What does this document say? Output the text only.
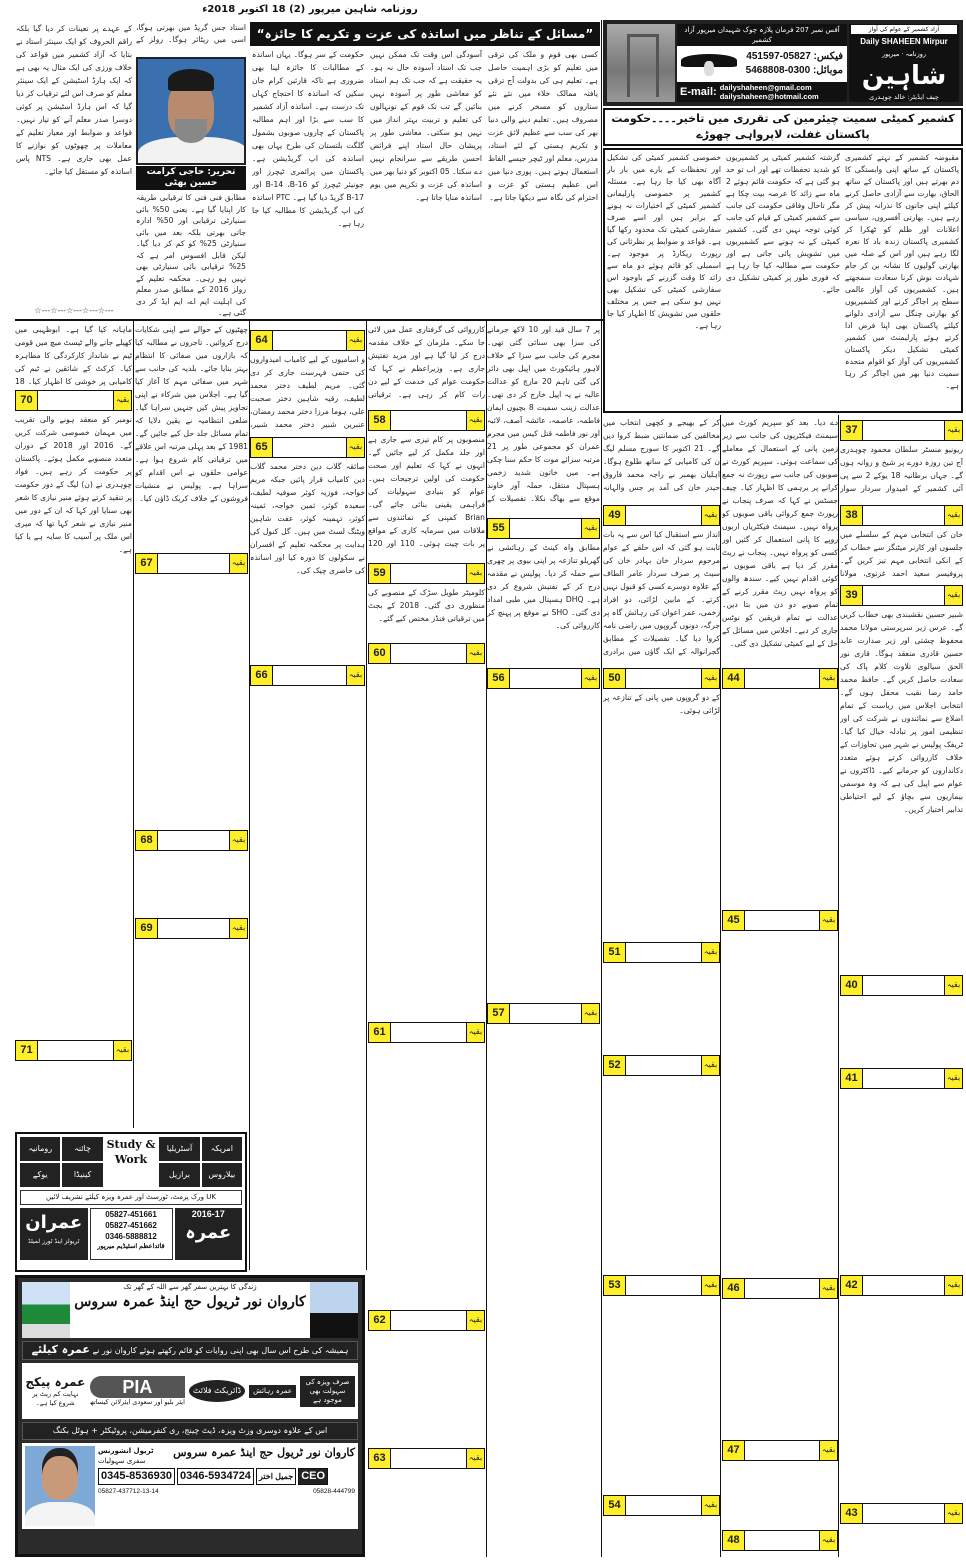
روزنامہ شاہین میرپور (2) 18 اکتوبر 2018ء
آفس نمبر 207 فرمان پلازہ چوک شہیداں میرپور آزاد کشمیر
فیکس: 05827-451597
موبائل: 0300-5468808
E-mail: dailyshaheen@gmail.com
dailyshaheen@hotmail.com
آزاد کشمیر کے عوام کی آواز
Daily SHAHEEN Mirpur
روزنامہ · میرپور
شاہین
چیف ایڈیٹر: خالد چوہدری
کشمیر کمیٹی سمیت چیئرمین کی تقرری میں تاخیر۔۔۔۔حکومت پاکستان غفلت، لاپرواہی چھوڑے
مقبوضہ کشمیر کے نہتے کشمیری پاکستان کے ساتھ اپنی وابستگی کا دم بھرتے ہیں اور پاکستان کے ساتھ الحاق، بھارت سے آزادی حاصل کرنے کیلئے اپنی جانوں کا نذرانہ پیش کر رہے ہیں۔ بھارتی آفسروں، سیاسی اعلانات اور ظلم کو ٹھکرا کر کشمیری پاکستان زندہ باد کا نعرہ لگا رہے ہیں اور اس کے صلہ میں بھارتی گولیوں کا نشانہ بن کر جام شہادت نوش کرنا سعادت سمجھتے ہیں۔ کشمیریوں کی آواز عالمی سطح پر اجاگر کرنے اور کشمیریوں کو بھارتی چنگل سے آزادی دلوانے کیلئے پاکستان بھی اپنا فرض ادا کرتے ہوئے پارلیمنٹ میں کشمیر کمیٹی تشکیل دیکر پاکستان کشمیریوں کی آواز کو اقوام متحدہ سمیت دنیا بھر میں اجاگر کر رہا ہے۔
گزشتہ کشمیر کمیٹی پر کشمیریوں کو شدید تحفظات تھے اور اب تو حد ہو گئی ہے کہ حکومت قائم ہوئے 2 ماہ سے زائد کا عرصہ بیت چکا ہے مگر تاحال وفاقی حکومت کی جانب سے کشمیر کمیٹی کے قیام کی جانب کوئی توجہ نہیں دی گئی۔ کشمیر کمیٹی کے نہ ہونے سے کشمیریوں میں تشویش پائی جاتی ہے اور حکومت سے مطالبہ کیا جا رہا ہے کہ فوری طور پر کمیٹی تشکیل دی جائے۔
خصوصی کشمیر کمیٹی کی تشکیل اور تحفظات کے بارے میں بار بار آگاہ بھی کیا جا رہا ہے۔ مسئلہ کشمیر پر خصوصی پارلیمانی کشمیر کمیٹی کے اختیارات نہ ہونے کے برابر ہیں اور اسے صرف سفارشی کمیٹی تک محدود رکھا گیا ہے۔ قواعد و ضوابط پر نظرثانی کی رپورٹ ریکارڈ پر موجود ہے۔ اسمبلی کو قائم ہوئے دو ماہ سے زائد کا وقت گزرنے کے باوجود اس سفارشی کمیٹی کی تشکیل بھی نہیں ہو سکی ہے جس پر مختلف حلقوں میں تشویش کا اظہار کیا جا رہا ہے۔
”مسائل کے تناظر میں اساتذہ کی عزت و تکریم کا جائزہ“
کسی بھی قوم و ملک کی ترقی میں تعلیم کو بڑی اہمیت حاصل ہے۔ تعلیم ہی کی بدولت آج ترقی یافتہ ممالک خلاء میں نئے نئے ستاروں کو مسخر کرنے میں مصروف ہیں۔ تعلیم دینے والی دنیا بھر کی سب سے عظیم لائق عزت و تکریم ہستی کے لئے استاد، مدرس، معلم اور ٹیچر جیسے الفاظ استعمال ہوتے ہیں۔ پوری دنیا میں اس عظیم ہستی کو عزت و احترام کی نگاہ سے دیکھا جاتا ہے۔
آسودگی اس وقت تک ممکن نہیں جب تک استاد آسودہ حال نہ ہو۔ یہ حقیقت ہے کہ جب تک ہم استاد کو معاشی طور پر آسودہ نہیں بنائیں گے تب تک قوم کے نونہالوں کی تعلیم و تربیت بہتر انداز میں نہیں ہو سکتی۔ معاشی طور پر پریشان حال استاد اپنے فرائض احسن طریقے سے سرانجام نہیں دے سکتا۔ 05 اکتوبر کو دنیا بھر میں اساتذہ کی عزت و تکریم میں یوم اساتذہ منایا جاتا ہے۔
حکومت کے سر ہوگا۔ یہاں اساتذہ کے مطالبات کا جائزہ لینا بھی ضروری ہے تاکہ قارئین کرام جان سکیں کہ اساتذہ کا احتجاج کہاں تک درست ہے۔ اساتذہ آزاد کشمیر کا سب سے بڑا اور اہم مطالبہ پاکستان کے چاروں صوبوں بشمول گلگت بلتستان کی طرح یہاں بھی اساتذہ کی اپ گریڈیشن ہے۔ پاکستان میں پرائمری ٹیچرز اور جونیئر ٹیچرز کو B-14 ،B-16 اور B-17 گریڈ دیا گیا ہے۔ PTC اساتذہ کی اپ گریڈیشن کا مطالبہ کیا جا رہا ہے۔
تحریر: حاجی کرامت حسین بھٹی
استاد جس گریڈ میں بھرتی ہوگا، اسی میں ریٹائر ہوگا۔ رولز کے مطابق فنی فنی کا ترقیابی طریقہ کار اپنایا گیا ہے۔ یعنی 50% بائی سنیارٹی ترقیابی اور 50% ادارہ جاتی بھرتی بلکہ بعد میں بائی سنیارٹی 25% کو کم کر دیا گیا۔ لیکن قابل افسوس امر ہے کہ 25% ترقیابی بائی سنیارٹی بھی نہیں ہو رہی۔ محکمہ تعلیم کے رولز 2016 کے مطابق صدر معلم کی اہلیت ایم اے، ایم ایڈ کر دی گئی ہے۔
کے عہدے پر تعینات کر دیا گیا بلکہ راقم الحروف کو ایک سینئر استاد نے بتایا کہ آزاد کشمیر میں قواعد کی خلاف ورزی کی ایک مثال یہ بھی ہے کہ ایک ہارڈ اسٹیشن کے ایک سینئر معلم کو صرف اس لئے ترقیاب کر دیا گیا کہ اس ہارڈ اسٹیشن پر کوئی دوسرا صدر معلم آنے کو تیار نہیں۔ قواعد و ضوابط اور معیار تعلیم کے معاملات پر چھوٹوں کو نوازنے کا عمل بھی جاری ہے۔ NTS پاس اساتذہ کو مستقل کیا جائے۔
☆---☆---☆---☆---☆---
37	بقیہ
38	بقیہ
39	بقیہ
40	بقیہ
41	بقیہ
42	بقیہ
43	بقیہ
ریونیو منسٹر سلطان محمود چوہدری آج تین روزہ دورے پر شیخ و روانہ ہوں گے۔ جہاں برطانیہ 18 یوکے 2 سے پی آئی کشمیر کے امیدوار سردار سوار خان کی انتخابی مہم کے سلسلے میں جلسوں اور کارنر میٹنگز سے خطاب کر کے انکی انتخابی مہم تیز کریں گے۔ پروفیسر سعید احمد غزنوی، مولانا شبیر حسین نقشبندی بھی خطاب کریں گے۔ عرس زیر سرپرستی مولانا محمد محفوظ چشتی اور زیر صدارت عابد حسین قادری منعقد ہوگا۔ قاری نور الحق سیالوی تلاوت کلام پاک کی سعادت حاصل کریں گے۔ حافظ محمد حامد رضا نقیب محفل ہوں گے۔ انتخابی اجلاس میں ریاست کے تمام اضلاع سے نمائندوں نے شرکت کی اور تنظیمی امور پر تبادلہ خیال کیا گیا۔ ٹریفک پولیس نے شہر میں تجاوزات کے خلاف کارروائی کرتے ہوئے متعدد دکانداروں کو جرمانے کیے۔ ڈاکٹروں نے عوام سے اپیل کی ہے کہ وہ موسمی بیماریوں سے بچاؤ کے لیے احتیاطی تدابیر اختیار کریں۔
44	بقیہ
45	بقیہ
46	بقیہ
47	بقیہ
48	بقیہ
دے دیا۔ بعد کو سپریم کورٹ میں سیمنٹ فیکٹریوں کی جانب سے زیر زمین پانی کے استعمال کے معاملے کی سماعت ہوئی۔ سپریم کورٹ نے صوبوں کی جانب سے رپورٹ نہ جمع کرانے پر برہمی کا اظہار کیا۔ چیف جسٹس نے کہا کہ صرف پنجاب نے رپورٹ جمع کروائی باقی صوبوں کو پرواہ نہیں۔ سیمنٹ فیکٹریاں اربوں روپے کا پانی استعمال کر گئیں اور کسی کو پرواہ نہیں۔ پنجاب نے ریٹ مقرر کر دیا ہے باقی صوبوں نے کوئی اقدام نہیں کیے۔ سندھ والوں کو پرواہ نہیں ریٹ مقرر کرنے کے تمام صوبے دو دن میں بتا دیں۔ عدالت نے تمام فریقین کو نوٹس جاری کر دیے۔ اجلاس میں مسائل کے حل کے لیے کمیٹی تشکیل دی گئی۔
49	بقیہ
50	بقیہ
51	بقیہ
52	بقیہ
53	بقیہ
54	بقیہ
کر کے بھیجے و کچھی انتخاب میں مخالفین کی ضمانتیں ضبط کروا دیں گے۔ 21 اکتوبر کا سورج مسلم لیگ ن کی کامیابی کے ساتھ طلوع ہوگا۔ اہلیان بھمبر نے راجہ محمد فاروق حیدر خان کی آمد پر جس والہانہ انداز سے استقبال کیا اس سے یہ بات ثابت ہو گئی کہ اس حلقے کے عوام مرحوم سردار خان بہادر خان کی سیٹ پر صرف سردار عامر الطاف کے علاوہ دوسرے کسی کو قبول نہیں کرتے۔ کے مابین لڑائی، دو افراد زخمی، عمر اعوان کی رہائش گاہ پر جرگہ، دونوں گروپوں میں راضی نامہ کروا دیا گیا۔ تفصیلات کے مطابق گجرانوالہ کے ایک گاؤں میں برادری کے دو گروپوں میں پانی کے تنازعہ پر لڑائی ہوئی۔
55	بقیہ
56	بقیہ
57	بقیہ
پر 7 سال قید اور 10 لاکھ جرمانے کی سزا بھی سنائی گئی تھی۔ مجرم کی جانب سے سزا کے خلاف لاہور ہائیکورٹ میں اپیل بھی دائر کی گئی تاہم 20 مارچ کو عدالت عالیہ نے یہ اپیل خارج کر دی تھی۔ عدالت زینب سمیت 8 بچیوں ایمان فاطمہ، عاصمہ، عائشہ آصف، لائبہ اور نور فاطمہ قتل کیس میں مجرم عمران کو مجموعی طور پر 21 مرتبہ سزائے موت کا حکم سنا چکی ہے۔ میں خاتون شدید زخمی ہسپتال منتقل، حملہ آور خاوند موقع سے بھاگ نکلا۔ تفصیلات کے مطابق واہ کینٹ کے رہائشی نے گھریلو تنازعہ پر اپنی بیوی پر چھری سے حملہ کر دیا۔ پولیس نے مقدمہ درج کر کے تفتیش شروع کر دی ہے۔ DHQ ہسپتال میں طبی امداد دی گئی۔ SHO نے موقع پر پہنچ کر کارروائی کی۔
58	بقیہ
59	بقیہ
60	بقیہ
61	بقیہ
62	بقیہ
63	بقیہ
کارروائی کی گرفتاری عمل میں لائی جا سکے۔ ملزمان کے خلاف مقدمہ درج کر لیا گیا ہے اور مزید تفتیش جاری ہے۔ وزیراعظم نے کہا کہ حکومت عوام کی خدمت کے لیے دن رات کام کر رہی ہے۔ ترقیاتی منصوبوں پر کام تیزی سے جاری ہے اور جلد مکمل کر لیے جائیں گے۔ انہوں نے کہا کہ تعلیم اور صحت حکومت کی اولین ترجیحات ہیں۔ عوام کو بنیادی سہولیات کی فراہمی یقینی بنائی جائے گی۔ Brian کمپنی کے نمائندوں سے ملاقات میں سرمایہ کاری کے مواقع پر بات چیت ہوئی۔ 110 اور 120 کلومیٹر طویل سڑک کے منصوبے کی منظوری دی گئی۔ 2018 کے بجٹ میں ترقیاتی فنڈز مختص کیے گئے۔
64	بقیہ
65	بقیہ
66	بقیہ
و اسامیوں کے لیے کامیاب امیدواروں کی حتمی فہرست جاری کر دی گئی۔ مریم لطیف دختر محمد لطیف، رقیہ شاہین دختر صحبت علی، ہوما مرزا دختر محمد رمضان، عنبرین شبیر دختر محمد شبیر، صائقہ گلاب دین دختر محمد گلاب دین کامیاب قرار پائیں جبکہ مریم خواجہ، فوزیہ کوثر صوفیہ لطیف، سعیدہ کوثر، ثمین خواجہ، ثمینہ کوثر، تہمینہ کوثر، عفت شاہین ویٹنگ لسٹ میں ہیں۔ گل کنول کی ہدایت پر محکمہ تعلیم کے افسران نے سکولوں کا دورہ کیا اور اساتذہ کی حاضری چیک کی۔
67	بقیہ
68	بقیہ
69	بقیہ
چھٹیوں کے حوالے سے اپنی شکایات درج کروائیں۔ تاجروں نے مطالبہ کیا کہ بازاروں میں صفائی کا انتظام بہتر بنایا جائے۔ بلدیہ کی جانب سے شہر میں صفائی مہم کا آغاز کیا گیا ہے۔ اجلاس میں شرکاء نے اپنی تجاویز پیش کیں جنہیں سراہا گیا۔ ضلعی انتظامیہ نے یقین دلایا کہ تمام مسائل جلد حل کیے جائیں گے۔ 1981 کے بعد پہلی مرتبہ اس علاقے میں ترقیاتی کام شروع ہوا ہے۔ عوامی حلقوں نے اس اقدام کو سراہا ہے۔ پولیس نے منشیات فروشوں کے خلاف کریک ڈاؤن کیا۔
70	بقیہ
71	بقیہ
ماہانہ کیا گیا ہے۔ ابوظہبی میں کھیلے جانے والے ٹیسٹ میچ میں قومی ٹیم نے شاندار کارکردگی کا مظاہرہ کیا۔ کرکٹ کے شائقین نے ٹیم کی کامیابی پر خوشی کا اظہار کیا۔ 18 نومبر کو منعقد ہونے والی تقریب میں مہمان خصوصی شرکت کریں گے۔ 2016 اور 2018 کے دوران متعدد منصوبے مکمل ہوئے۔ پاکستان پر حکومت کر رہے ہیں۔ فواد چوہدری نے (ن) لیگ کے دور حکومت پر تنقید کرتے ہوئے منیر نیازی کا شعر بھی سنایا اور کہا کہ ان کے دور میں منیر نیازی نے شعر کہا تھا کہ میری اس ملک پر آسیب کا سایہ ہے یا کیا ہے۔
امریکہ
آسٹریلیا
Study & Work
چائنہ
رومانیہ
بیلاروس
برازیل
کینیڈا
یوکے
UK ورک پرمٹ، ٹورسٹ اور عمرہ ویزہ کیلئے تشریف لائیں
2016-17
عمرہ
05827-451661
05827-451662
0346-5888812
قائداعظم اسٹیڈیم میرپور
عمران
ٹریولز اینڈ ٹورز لمیٹڈ
زندگی کا بہترین سفر گھر سے اللہ کے گھر تک
کاروان نور ٹریول حج اینڈ عمرہ سروس
ہمیشہ کی طرح اس سال بھی اپنی روایات کو قائم رکھتے ہوئے کاروان نور نے عمرہ کیلئے
صرف ویزہ کی سہولت بھی موجود ہے
عمرہ رہائش
ڈائریکٹ فلائٹ
PIA
ایئر بلیو اور سعودی ایئرلائن کیساتھ
عمرہ پیکج
نہایت کم ریٹ پر شروع کیا ہے۔
اس کے علاوہ دوسری وزٹ ویزہ، ڈیٹ چینج، ری کنفرمیشن، پروٹیکٹر + ہوٹل بکنگ
کاروان نور ٹریول حج اینڈ عمرہ سروس
ٹریول انشورنس
سفری سہولیات
0345-8536930 0346-5934724	جمیل اختر CEO
05827-437712-13-14	05828-444799
